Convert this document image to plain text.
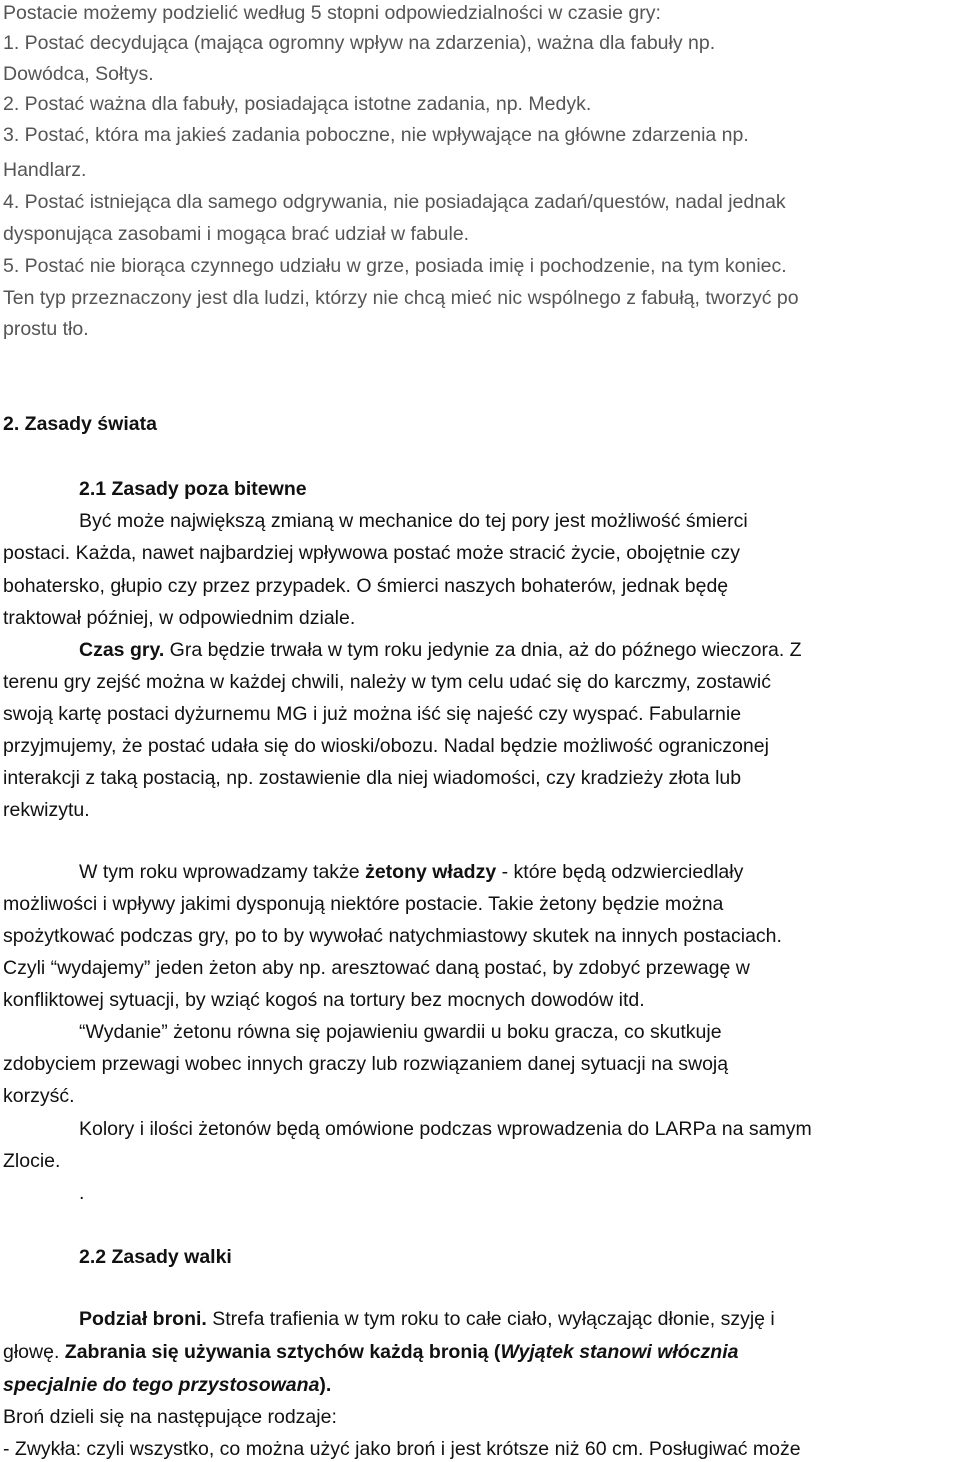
Postacie możemy podzielić według 5 stopni odpowiedzialności w czasie gry:
1. Postać decydująca (mająca ogromny wpływ na zdarzenia), ważna dla fabuły np.
Dowódca, Sołtys.
2. Postać ważna dla fabuły, posiadająca istotne zadania, np. Medyk.
3. Postać, która ma jakieś zadania poboczne, nie wpływające na główne zdarzenia np.
Handlarz.
4. Postać istniejąca dla samego odgrywania, nie posiadająca zadań/questów, nadal jednak
dysponująca zasobami i mogąca brać udział w fabule.
5. Postać nie biorąca czynnego udziału w grze, posiada imię i pochodzenie, na tym koniec.
Ten typ przeznaczony jest dla ludzi, którzy nie chcą mieć nic wspólnego z fabułą, tworzyć po
prostu tło.
2. Zasady świata
2.1 Zasady poza bitewne
Być może największą zmianą w mechanice do tej pory jest możliwość śmierci
postaci. Każda, nawet najbardziej wpływowa postać może stracić życie, obojętnie czy
bohatersko, głupio czy przez przypadek. O śmierci naszych bohaterów, jednak będę
traktował później, w odpowiednim dziale.
Czas gry. Gra będzie trwała w tym roku jedynie za dnia, aż do późnego wieczora. Z
terenu gry zejść można w każdej chwili, należy w tym celu udać się do karczmy, zostawić
swoją kartę postaci dyżurnemu MG i już można iść się najeść czy wyspać. Fabularnie
przyjmujemy, że postać udała się do wioski/obozu. Nadal będzie możliwość ograniczonej
interakcji z taką postacią, np. zostawienie dla niej wiadomości, czy kradzieży złota lub
rekwizytu.
W tym roku wprowadzamy także żetony władzy - które będą odzwierciedlały
możliwości i wpływy jakimi dysponują niektóre postacie. Takie żetony będzie można
spożytkować podczas gry, po to by wywołać natychmiastowy skutek na innych postaciach.
Czyli “wydajemy” jeden żeton aby np. aresztować daną postać, by zdobyć przewagę w
konfliktowej sytuacji, by wziąć kogoś na tortury bez mocnych dowodów itd.
“Wydanie” żetonu równa się pojawieniu gwardii u boku gracza, co skutkuje
zdobyciem przewagi wobec innych graczy lub rozwiązaniem danej sytuacji na swoją
korzyść.
Kolory i ilości żetonów będą omówione podczas wprowadzenia do LARPa na samym
Zlocie.
.
2.2 Zasady walki
Podział broni. Strefa trafienia w tym roku to całe ciało, wyłączając dłonie, szyję i
głowę. Zabrania się używania sztychów każdą bronią (Wyjątek stanowi włócznia
specjalnie do tego przystosowana).
Broń dzieli się na następujące rodzaje:
- Zwykła: czyli wszystko, co można użyć jako broń i jest krótsze niż 60 cm. Posługiwać może
